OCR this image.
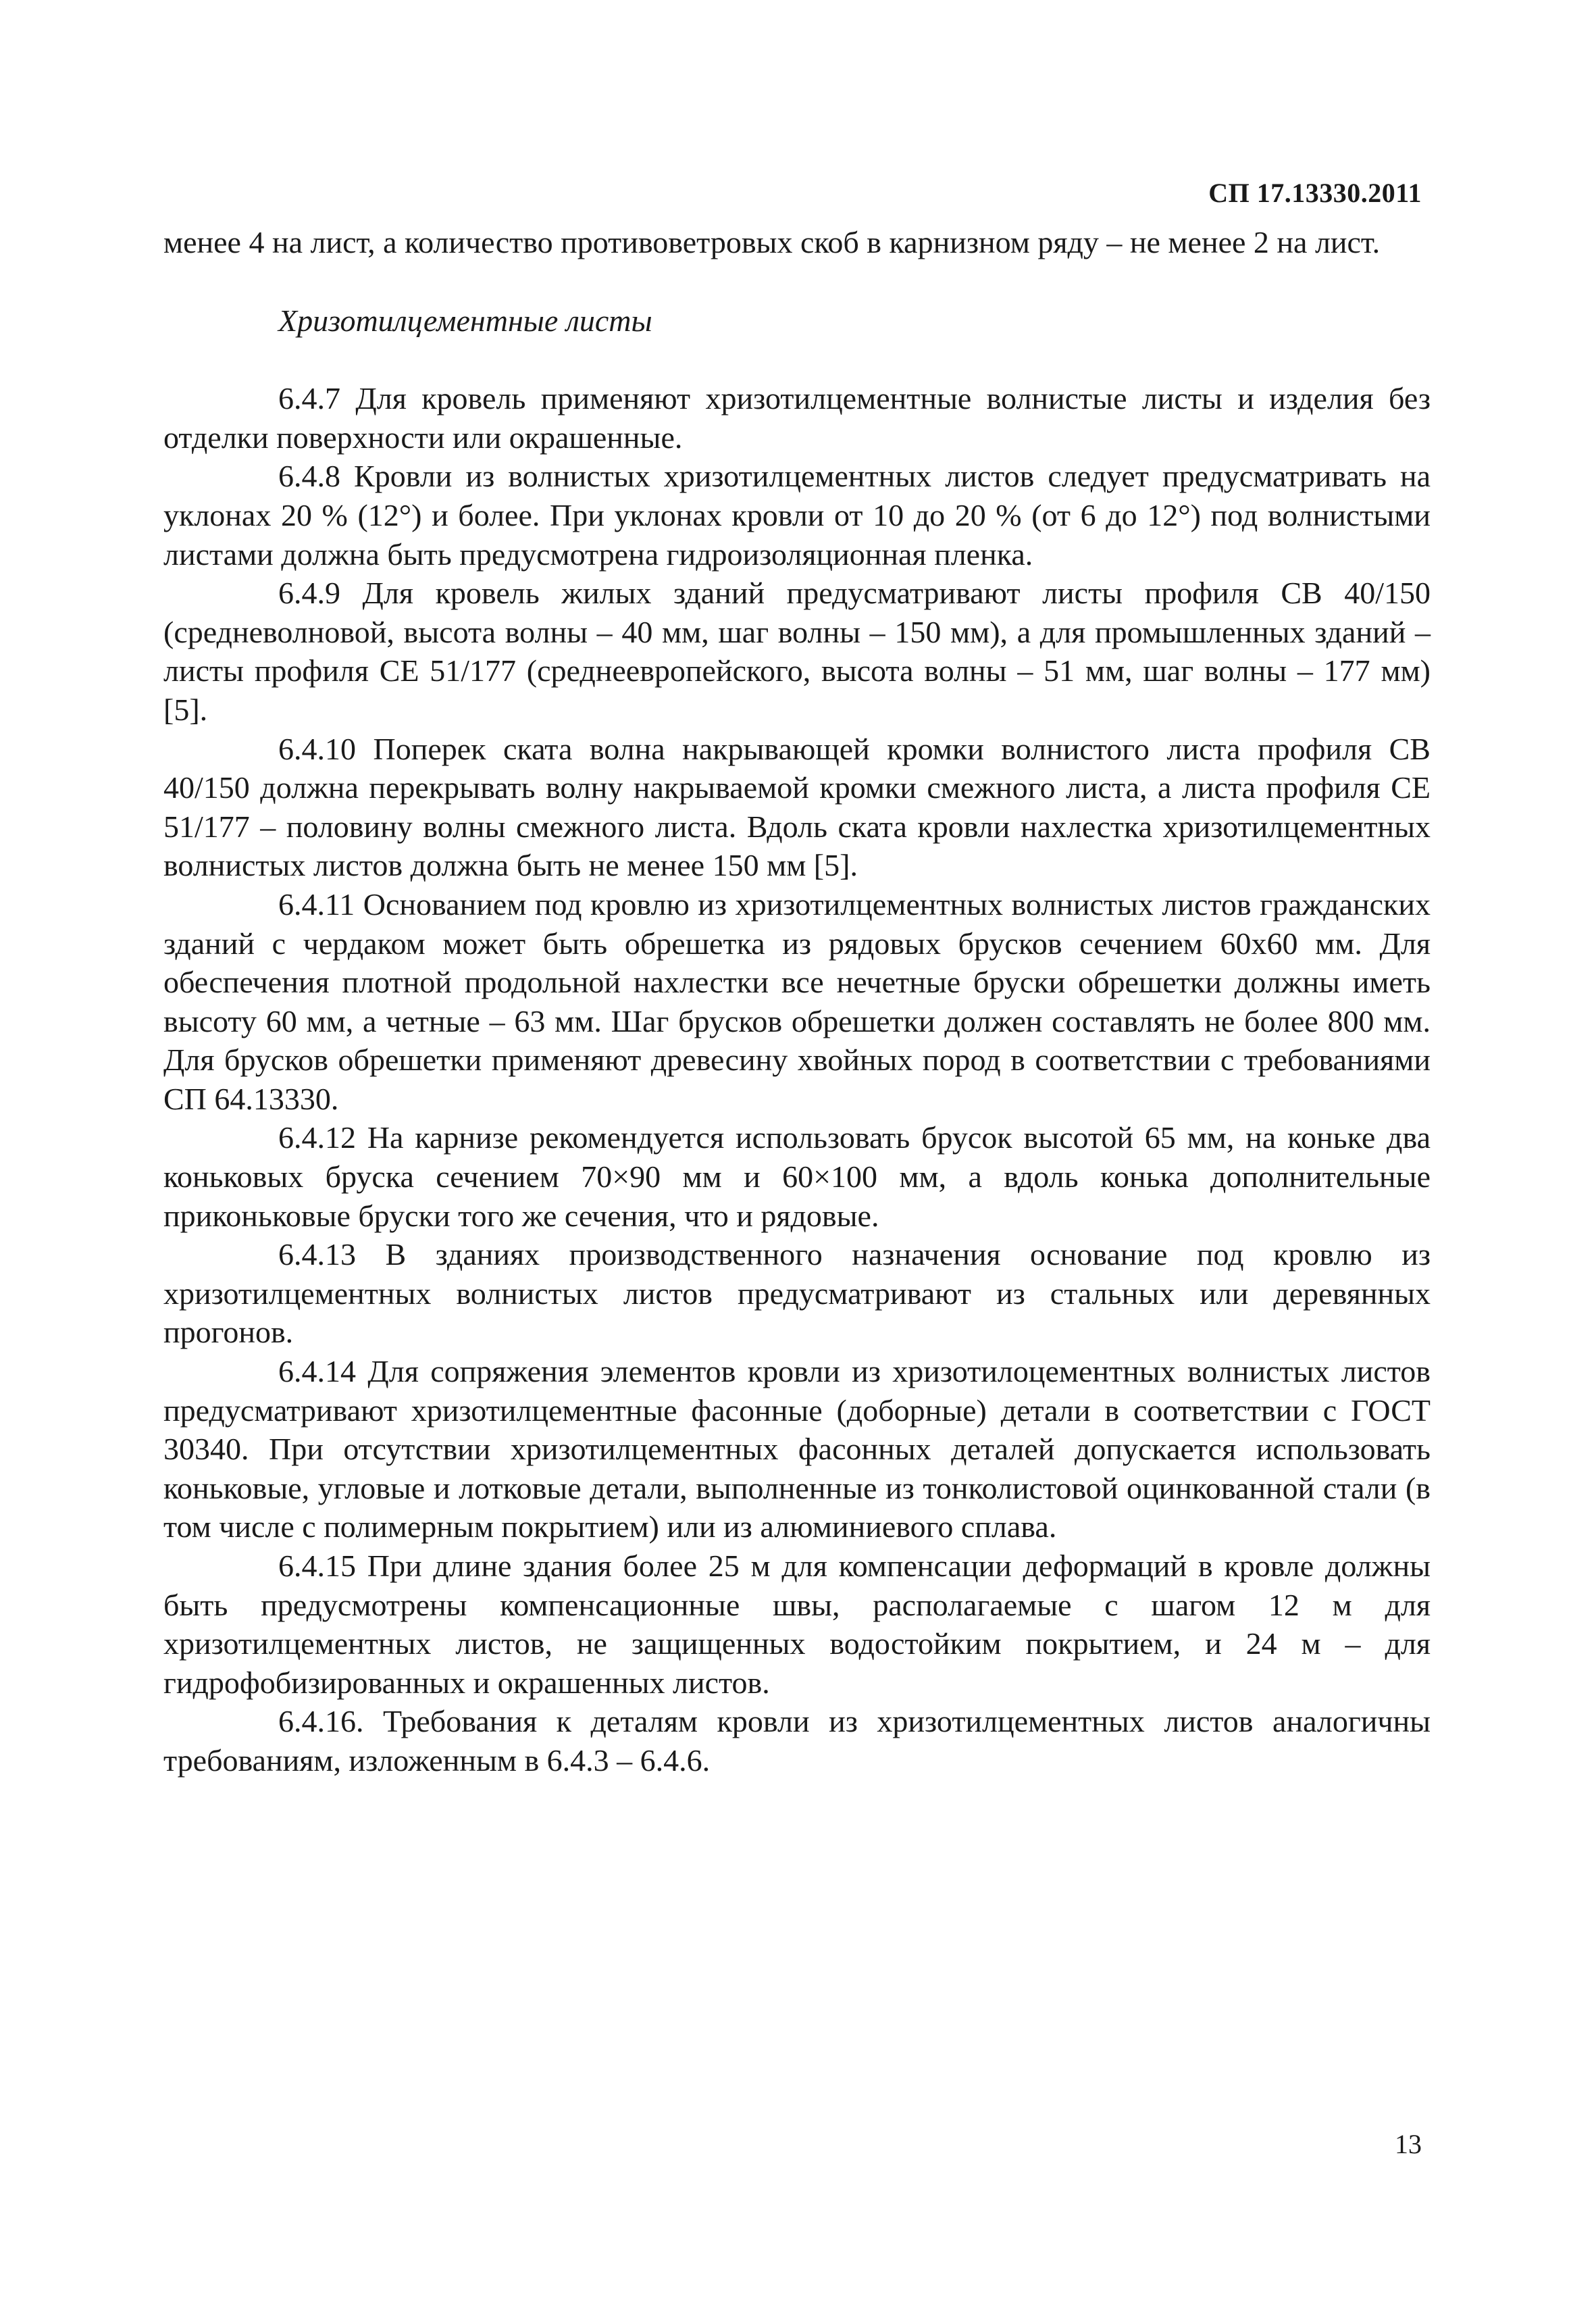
СП 17.13330.2011

менее 4 на лист, а количество противоветровых скоб в карнизном ряду – не менее 2 на лист.

Хризотилцементные листы

6.4.7 Для кровель применяют хризотилцементные волнистые листы и изделия без отделки поверхности или окрашенные.

6.4.8 Кровли из волнистых хризотилцементных листов следует предусматривать на уклонах 20 % (12°) и более. При уклонах кровли от 10 до 20 % (от 6 до 12°) под волнистыми листами должна быть предусмотрена гидроизоляционная пленка.

6.4.9 Для кровель жилых зданий предусматривают листы профиля СВ 40/150 (средневолновой, высота волны – 40 мм, шаг волны – 150 мм), а для промышленных зданий – листы профиля СЕ 51/177 (среднеевропейского, высота волны – 51 мм, шаг волны – 177 мм) [5].

6.4.10 Поперек ската волна накрывающей кромки волнистого листа профиля СВ 40/150 должна перекрывать волну накрываемой кромки смежного листа, а листа профиля СЕ 51/177 – половину волны смежного листа. Вдоль ската кровли нахлестка хризотилцементных волнистых листов должна быть не менее 150 мм [5].

6.4.11 Основанием под кровлю из хризотилцементных волнистых листов гражданских зданий с чердаком может быть обрешетка из рядовых брусков сечением 60х60 мм. Для обеспечения плотной продольной нахлестки все нечетные бруски обрешетки должны иметь высоту 60 мм, а четные – 63 мм. Шаг брусков обрешетки должен составлять не более 800 мм. Для брусков обрешетки применяют древесину хвойных пород в соответствии с требованиями СП 64.13330.

6.4.12 На карнизе рекомендуется использовать брусок высотой 65 мм, на коньке два коньковых бруска сечением 70×90 мм и 60×100 мм, а вдоль конька дополнительные приконьковые бруски того же сечения, что и рядовые.

6.4.13 В зданиях производственного назначения основание под кровлю из хризотилцементных волнистых листов предусматривают из стальных или деревянных прогонов.

6.4.14 Для сопряжения элементов кровли из хризотилоцементных волнистых листов предусматривают хризотилцементные фасонные (доборные) детали в соответствии с ГОСТ 30340. При отсутствии хризотилцементных фасонных деталей допускается использовать коньковые, угловые и лотковые детали, выполненные из тонколистовой оцинкованной стали (в том числе с полимерным покрытием) или из алюминиевого сплава.

6.4.15 При длине здания более 25 м для компенсации деформаций в кровле должны быть предусмотрены компенсационные швы, располагаемые с шагом 12 м для хризотилцементных листов, не защищенных водостойким покрытием, и 24 м – для гидрофобизированных и окрашенных листов.

6.4.16. Требования к деталям кровли из хризотилцементных листов аналогичны требованиям, изложенным в 6.4.3 – 6.4.6.

13
